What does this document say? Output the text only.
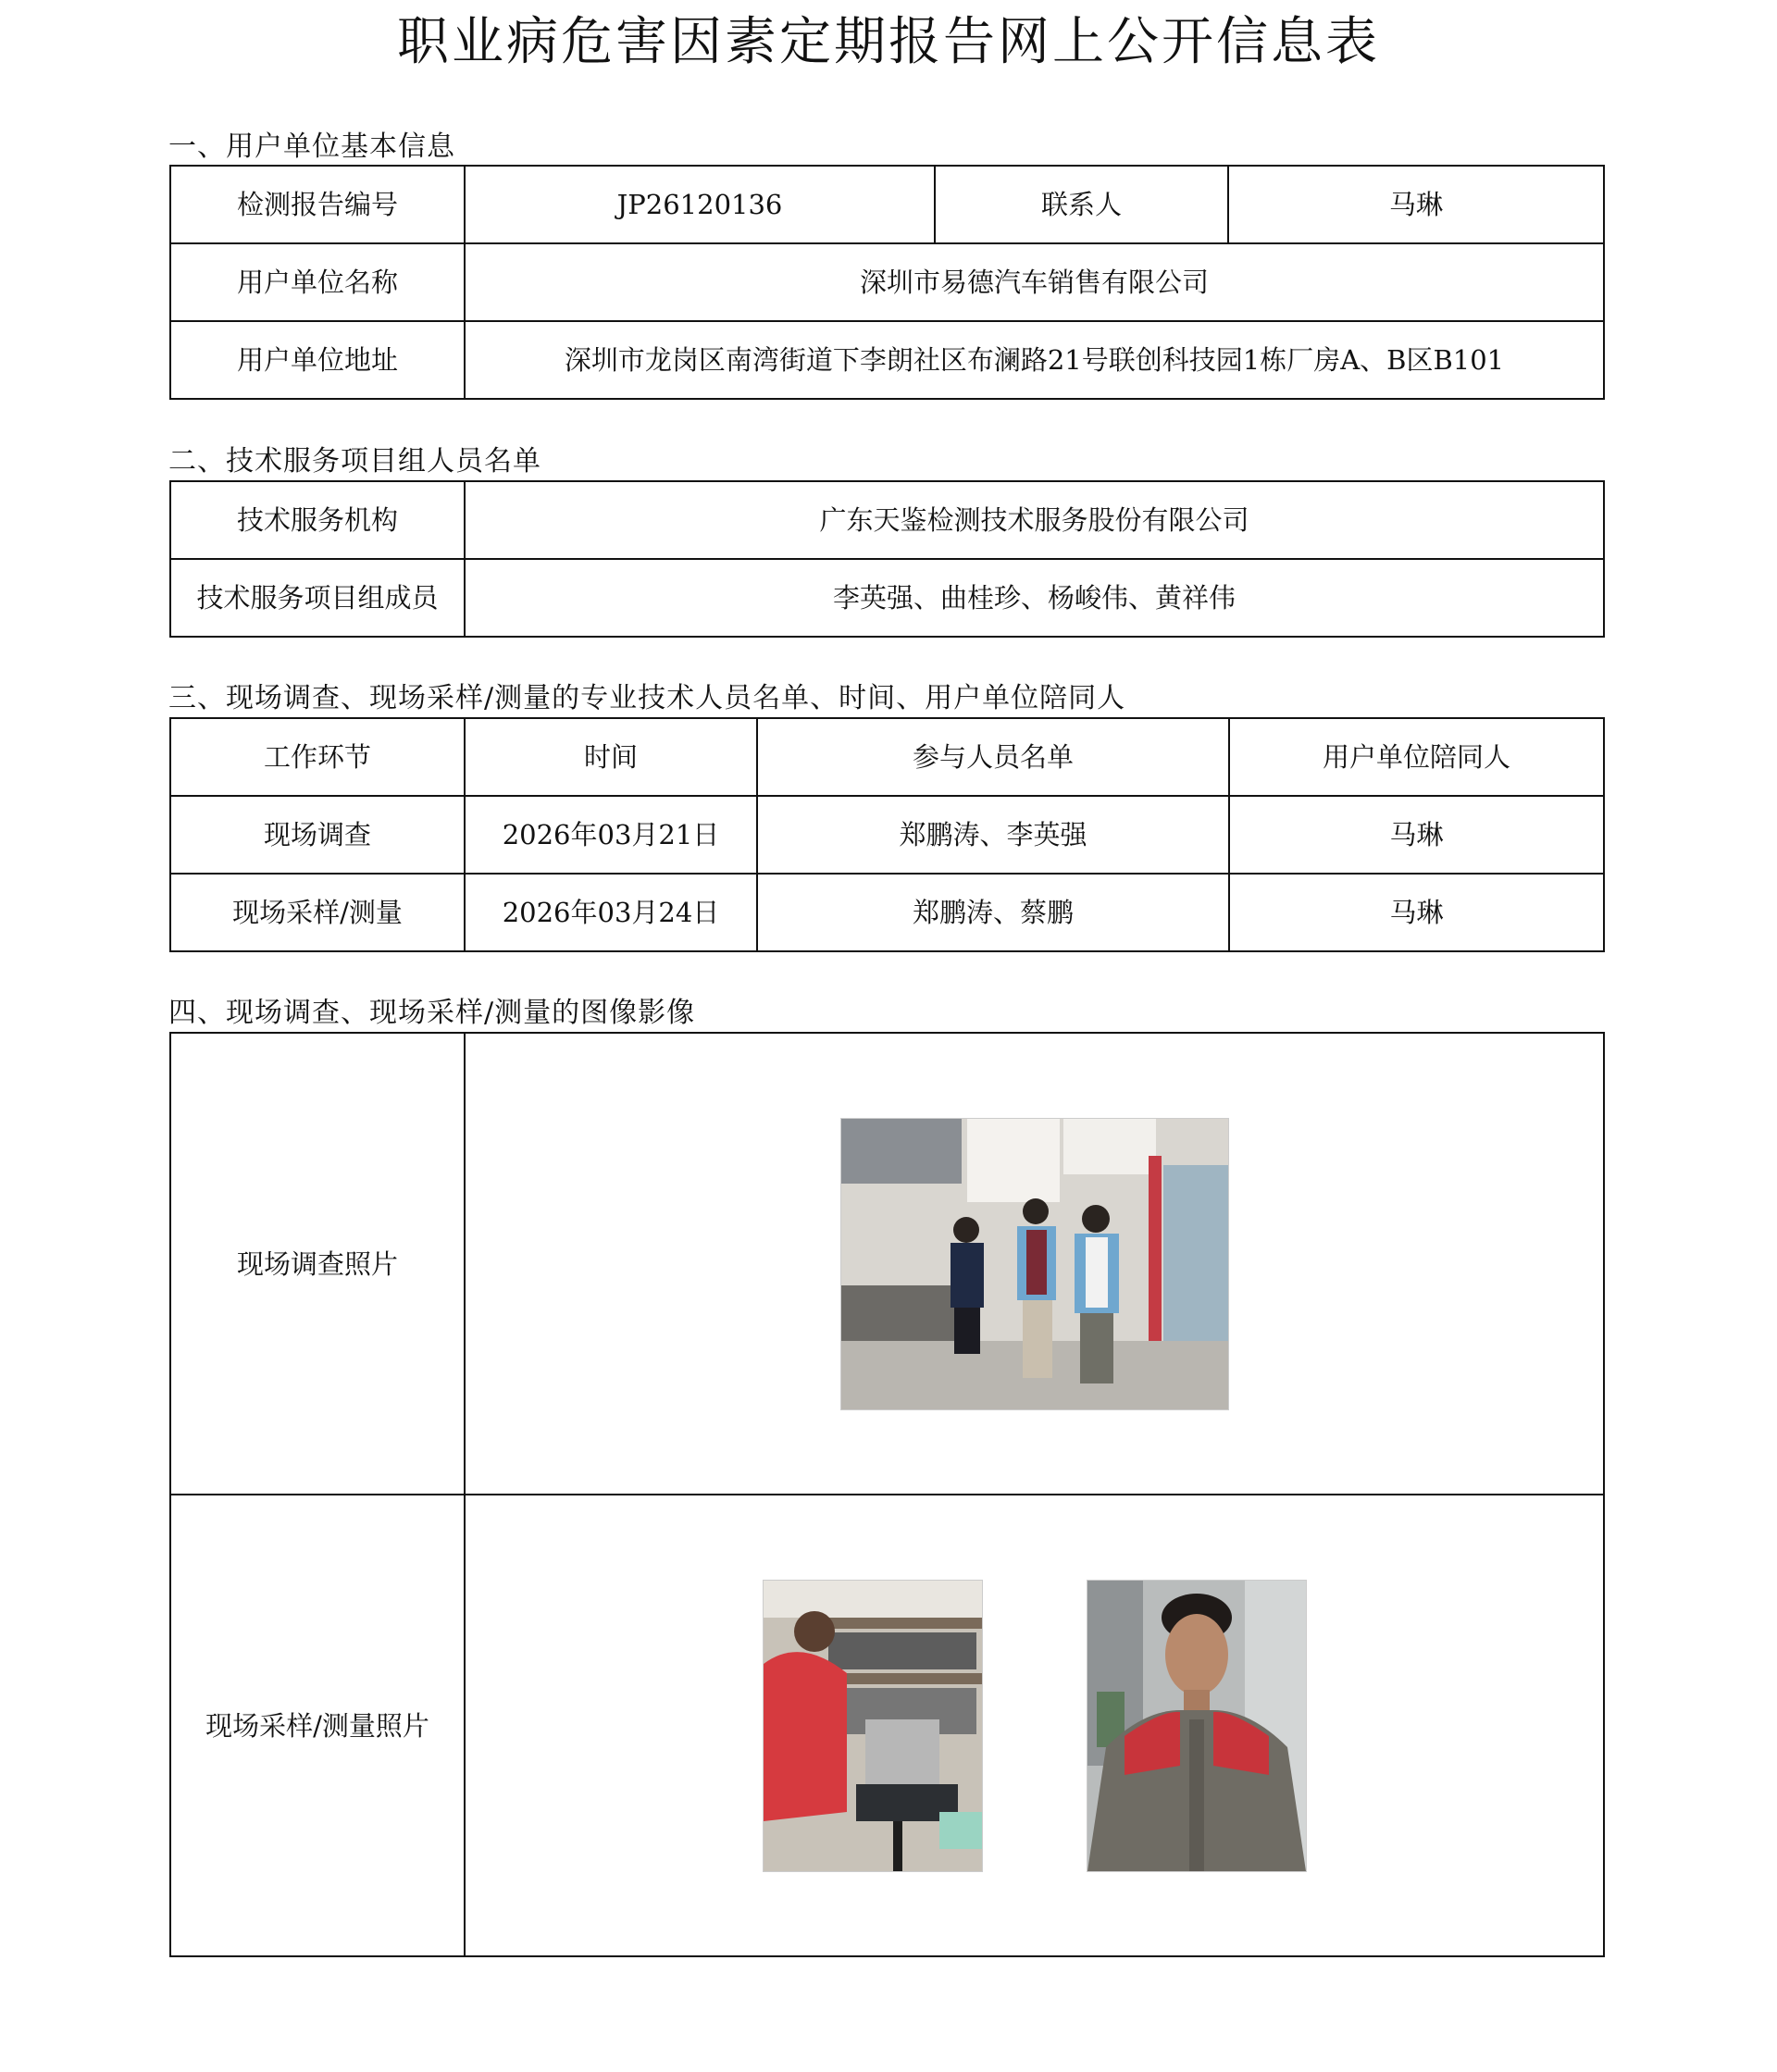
职业病危害因素定期报告网上公开信息表
一、用户单位基本信息
检测报告编号	JP26120136	联系人	马琳
用户单位名称	深圳市易德汽车销售有限公司		
用户单位地址	深圳市龙岗区南湾街道下李朗社区布澜路21号联创科技园1栋厂房A、B区B101		
二、技术服务项目组人员名单
技术服务机构	广东天鉴检测技术服务股份有限公司
技术服务项目组成员	李英强、曲桂珍、杨峻伟、黄祥伟
三、现场调查、现场采样/测量的专业技术人员名单、时间、用户单位陪同人
工作环节	时间	参与人员名单	用户单位陪同人
现场调查	2026年03月21日	郑鹏涛、李英强	马琳
现场采样/测量	2026年03月24日	郑鹏涛、蔡鹏	马琳
四、现场调查、现场采样/测量的图像影像
现场调查照片	

现场采样/测量照片	
